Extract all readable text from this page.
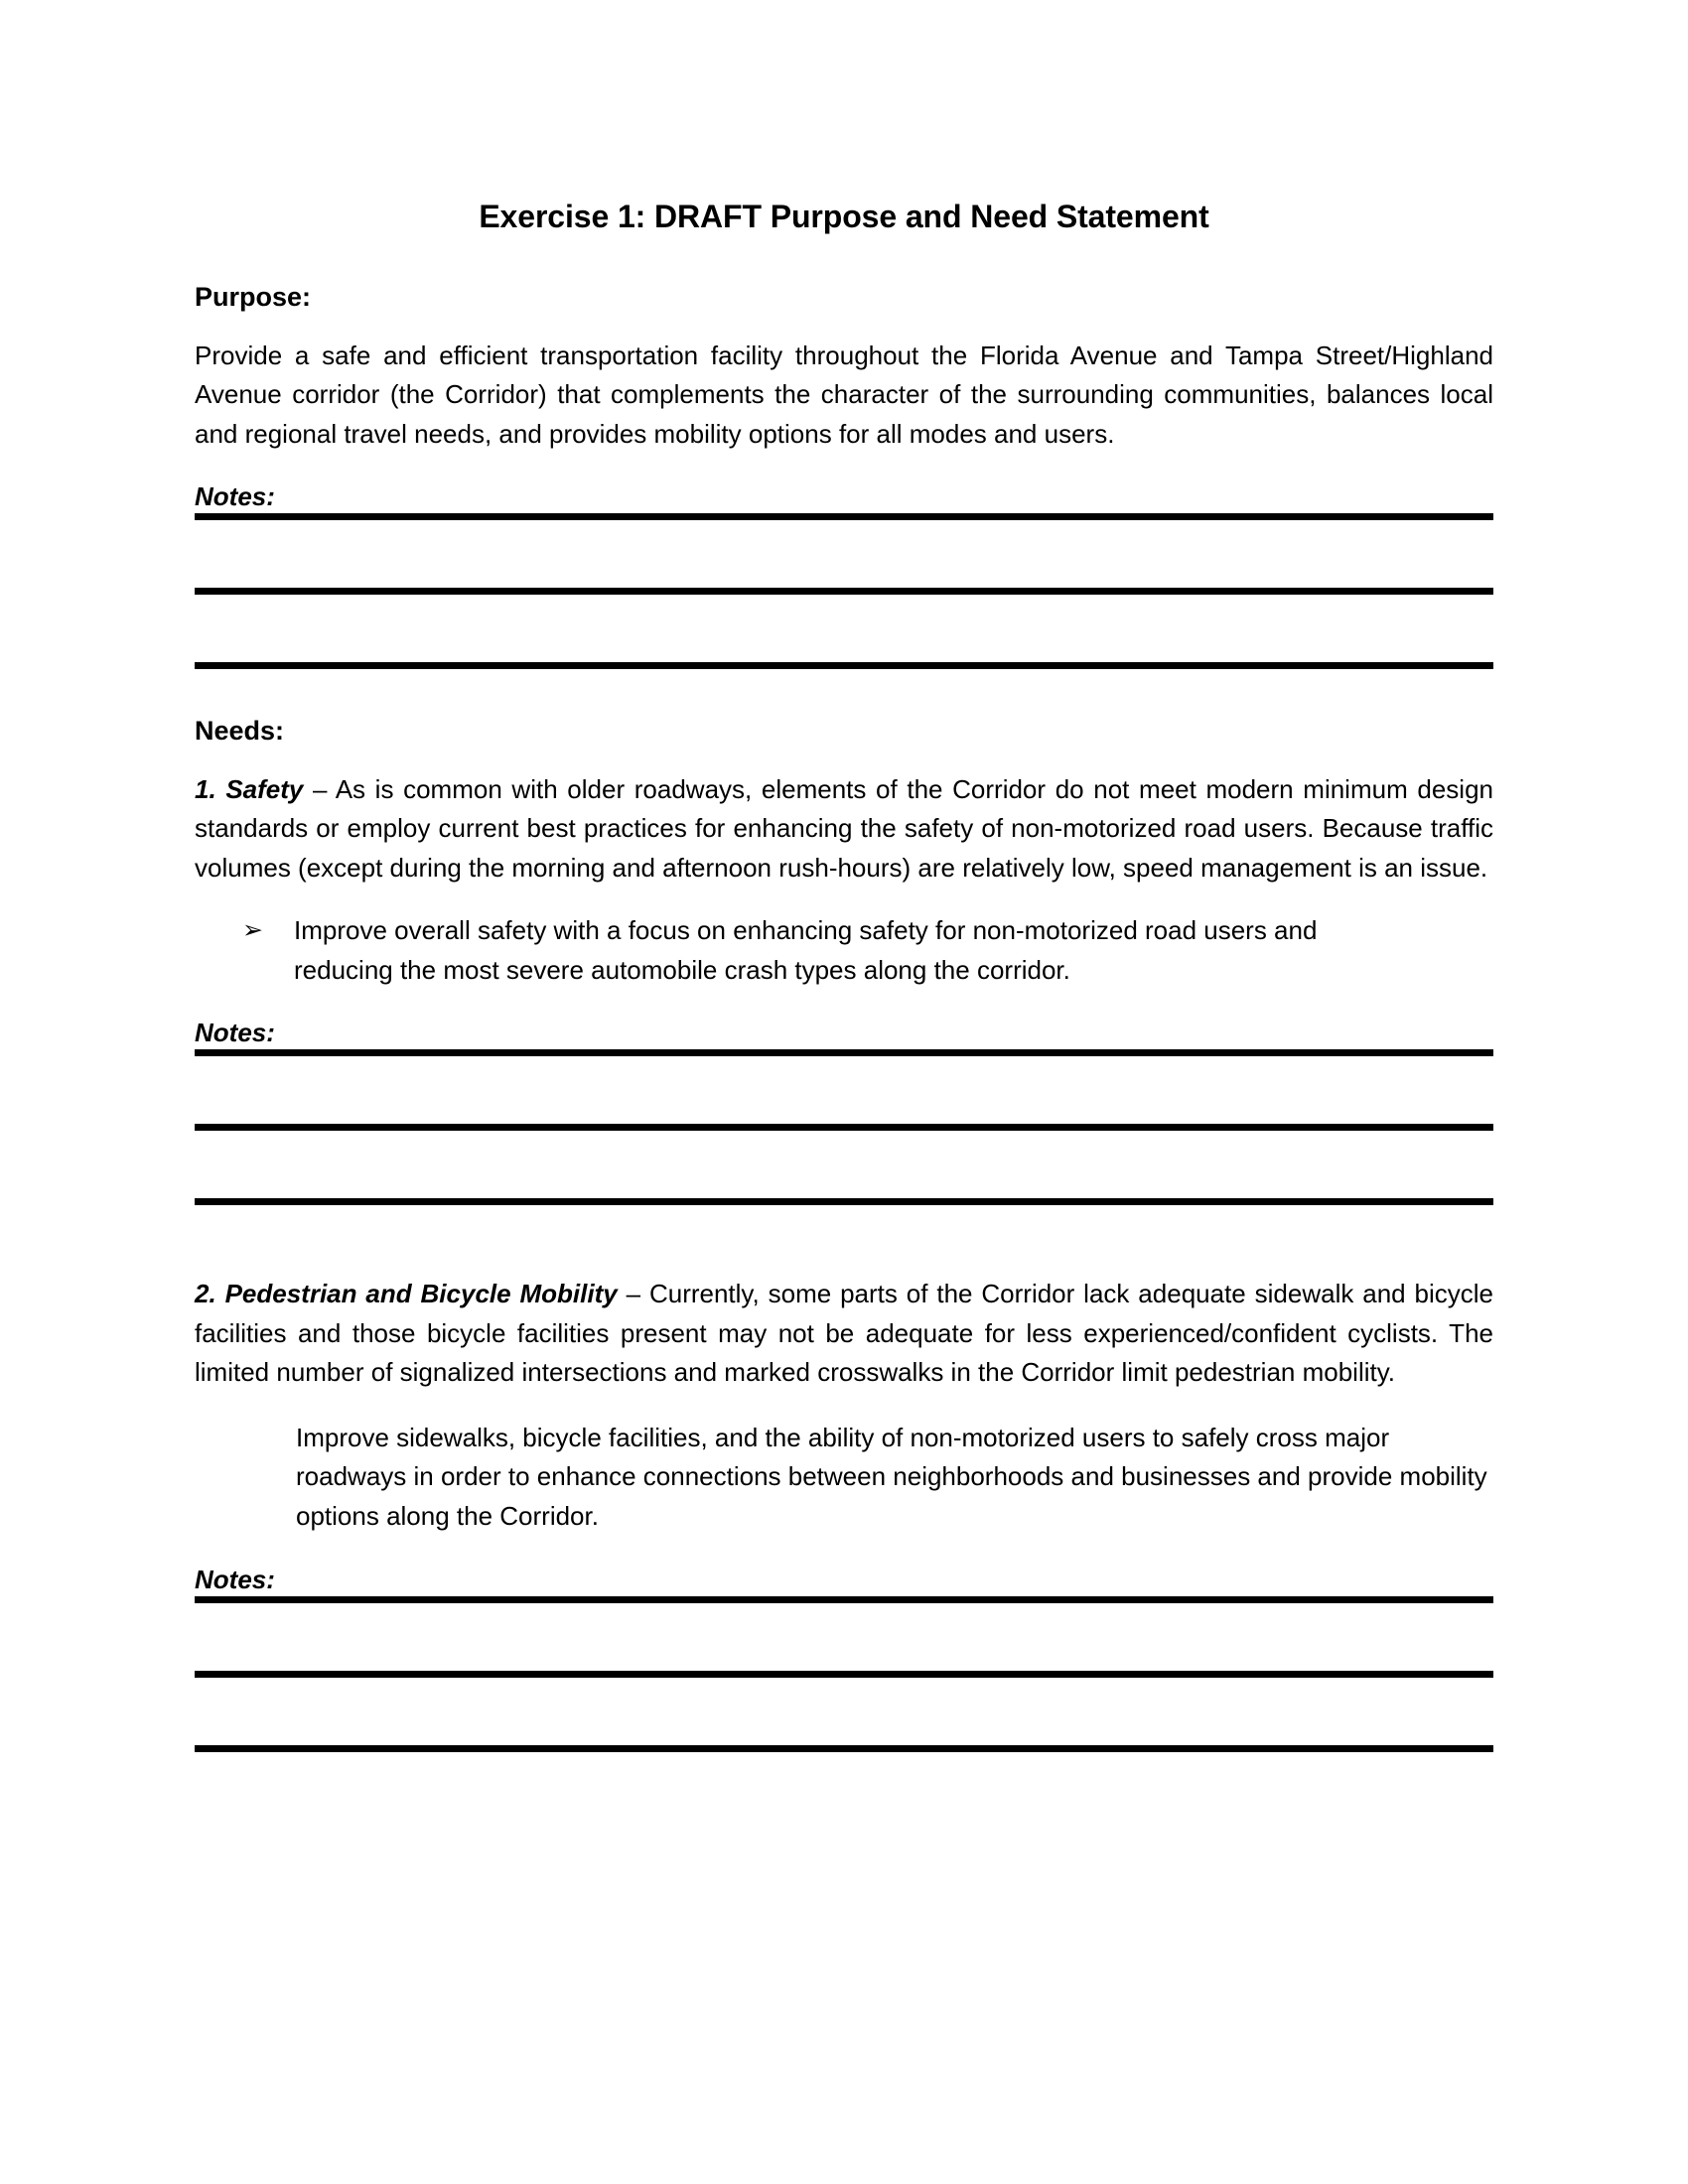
Exercise 1: DRAFT Purpose and Need Statement
Purpose:

Provide a safe and efficient transportation facility throughout the Florida Avenue and Tampa Street/Highland Avenue corridor (the Corridor) that complements the character of the surrounding communities, balances local and regional travel needs, and provides mobility options for all modes and users.

Notes:
Needs:

1. Safety – As is common with older roadways, elements of the Corridor do not meet modern minimum design standards or employ current best practices for enhancing the safety of non-motorized road users. Because traffic volumes (except during the morning and afternoon rush-hours) are relatively low, speed management is an issue.

➢	Improve overall safety with a focus on enhancing safety for non-motorized road users and reducing the most severe automobile crash types along the corridor.
Notes:

2. Pedestrian and Bicycle Mobility – Currently, some parts of the Corridor lack adequate sidewalk and bicycle facilities and those bicycle facilities present may not be adequate for less experienced/confident cyclists. The limited number of signalized intersections and marked crosswalks in the Corridor limit pedestrian mobility.

Improve sidewalks, bicycle facilities, and the ability of non-motorized users to safely cross major roadways in order to enhance connections between neighborhoods and businesses and provide mobility options along the Corridor.

Notes:
